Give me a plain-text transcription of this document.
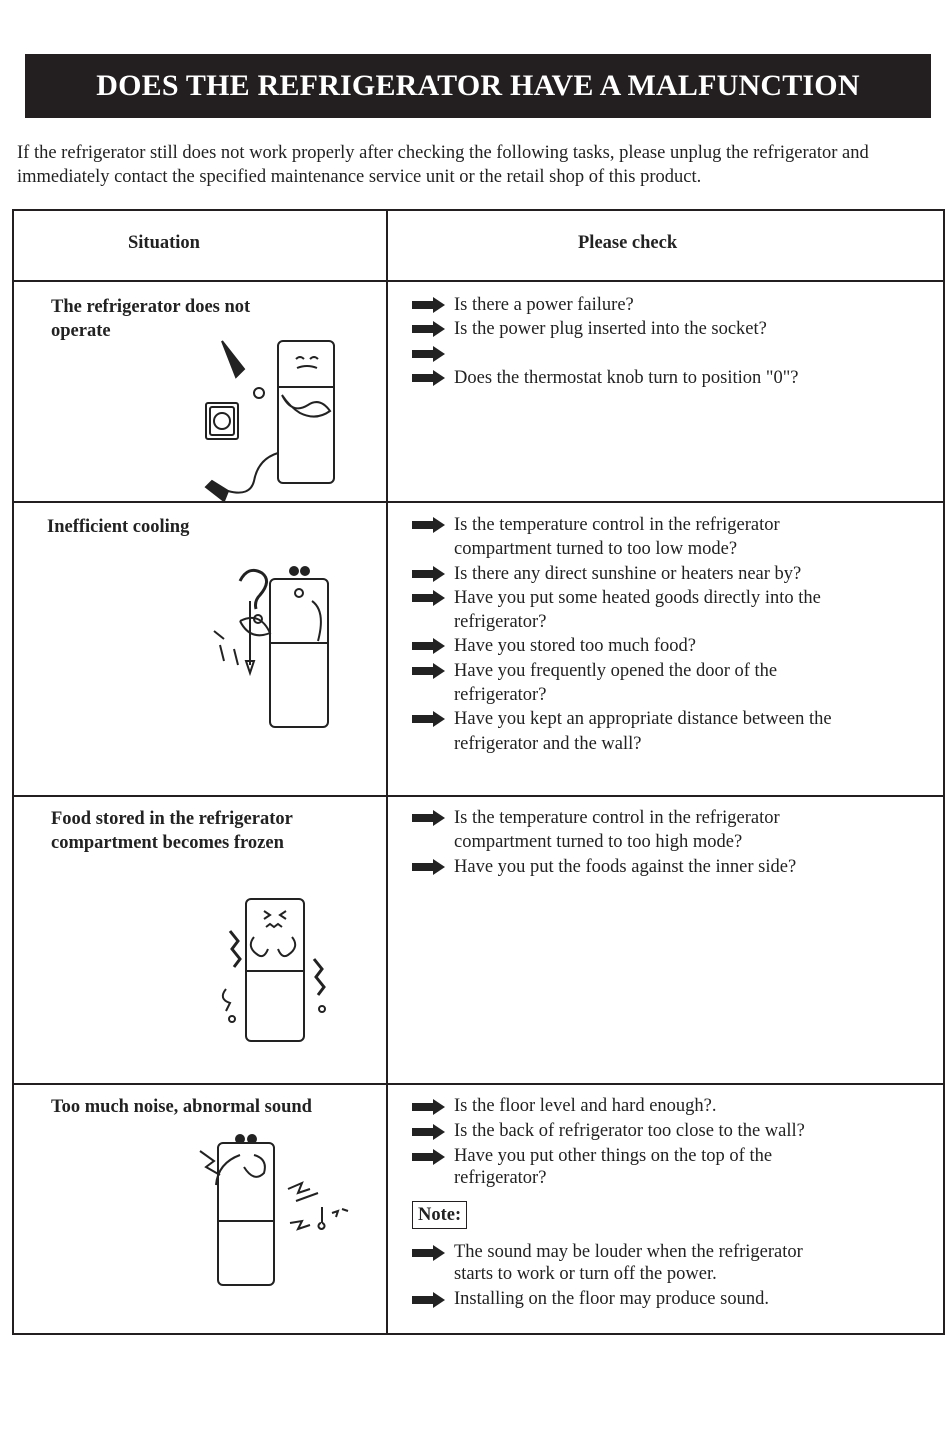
DOES THE REFRIGERATOR HAVE A MALFUNCTION

If the refrigerator still does not work properly after checking the following tasks, please unplug the refrigerator and immediately contact the specified maintenance service unit or the retail shop of this product.

Situation	Please check
The refrigerator does not operate
Inefficient cooling
Food stored in the refrigerator compartment becomes frozen
Too much noise, abnormal sound
Is there a power failure?
Is the power plug inserted into the socket?
Does the thermostat knob turn to position "0"?
Is the temperature control in the refrigerator compartment turned to too low mode?
Is there any direct sunshine or heaters near by?
Have you put some heated goods directly into the refrigerator?
Have you stored too much food?
Have you frequently opened the door of the refrigerator?
Have you kept an appropriate distance between the refrigerator and the wall?
Is the temperature control in the refrigerator compartment turned to too high mode?
Have you put the foods against the inner side?
Is the floor level and hard enough?.
Is the back of refrigerator too close to the wall?
Have you put other things on the top of the refrigerator?
Note:
The sound may be louder when the refrigerator starts to work or turn off the power.
Installing on the floor may produce sound.
